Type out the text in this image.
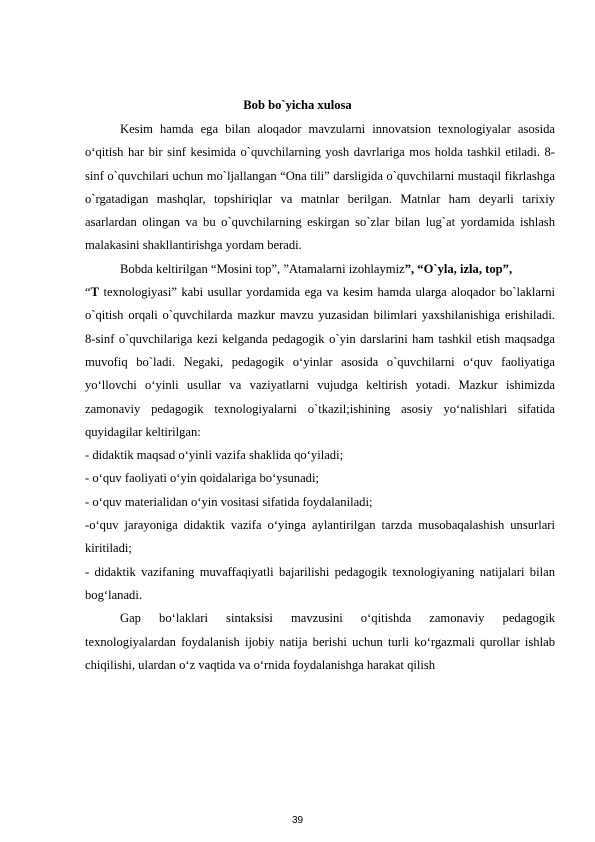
Bob bo`yicha xulosa

Kesim hamda ega bilan aloqador mavzularni innovatsion texnologiyalar asosida o‘qitish har bir sinf kesimida o`quvchilarning yosh davrlariga mos holda tashkil etiladi. 8-sinf o`quvchilari uchun mo`ljallangan “Ona tili” darsligida o`quvchilarni mustaqil fikrlashga o`rgatadigan mashqlar, topshiriqlar va matnlar berilgan. Matnlar ham deyarli tarixiy asarlardan olingan va bu o`quvchilarning eskirgan so`zlar bilan lug`at yordamida ishlash malakasini shakllantirishga yordam beradi.

Bobda keltirilgan “Mosini top”, ”Atamalarni izohlaymiz”, “O`yla, izla, top”,
“T texnologiyasi” kabi usullar yordamida ega va kesim hamda ularga aloqador bo`laklarni o`qitish orqali o`quvchilarda mazkur mavzu yuzasidan bilimlari yaxshilanishiga erishiladi. 8-sinf o`quvchilariga kezi kelganda pedagogik o`yin darslarini ham tashkil etish maqsadga muvofiq bo`ladi. Negaki, pedagogik o‘yinlar asosida o`quvchilarni o‘quv faoliyatiga yo‘llovchi o‘yinli usullar va vaziyatlarni vujudga keltirish yotadi. Mazkur ishimizda zamonaviy pedagogik texnologiyalarni o`tkazil;ishining asosiy yo‘nalishlari sifatida quyidagilar keltirilgan:

- didaktik maqsad o‘yinli vazifa shaklida qo‘yiladi;

- o‘quv faoliyati o‘yin qoidalariga bo‘ysunadi;

- o‘quv materialidan o‘yin vositasi sifatida foydalaniladi;

-o‘quv jarayoniga didaktik vazifa o‘yinga aylantirilgan tarzda musobaqalashish unsurlari kiritiladi;

- didaktik vazifaning muvaffaqiyatli bajarilishi pedagogik texnologiyaning natijalari bilan bog‘lanadi.

Gap bo‘laklari sintaksisi mavzusini o‘qitishda zamonaviy pedagogik texnologiyalardan foydalanish ijobiy natija berishi uchun turli ko‘rgazmali qurollar ishlab chiqilishi, ulardan o‘z vaqtida va o‘rnida foydalanishga harakat qilish

39
